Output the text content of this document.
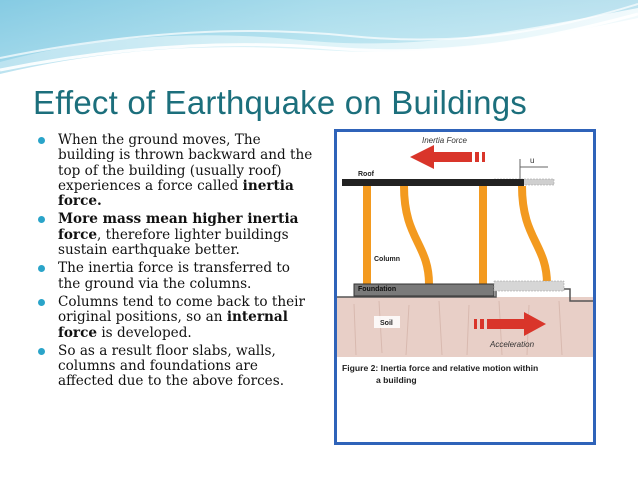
Effect of Earthquake on Buildings
When the ground moves, The building is thrown backward and the top of the building (usually roof) experiences a force called inertia force.
More mass mean higher inertia force, therefore lighter buildings sustain earthquake better.
The inertia force is transferred to the ground via the columns.
Columns tend to come back to their original positions, so an internal force is developed.
So as a result floor slabs, walls, columns and foundations are affected due to the above forces.
Inertia Force
u
Roof
Column
Foundation
Soil
Acceleration
Figure 2: Inertia force and relative motion within
a building
